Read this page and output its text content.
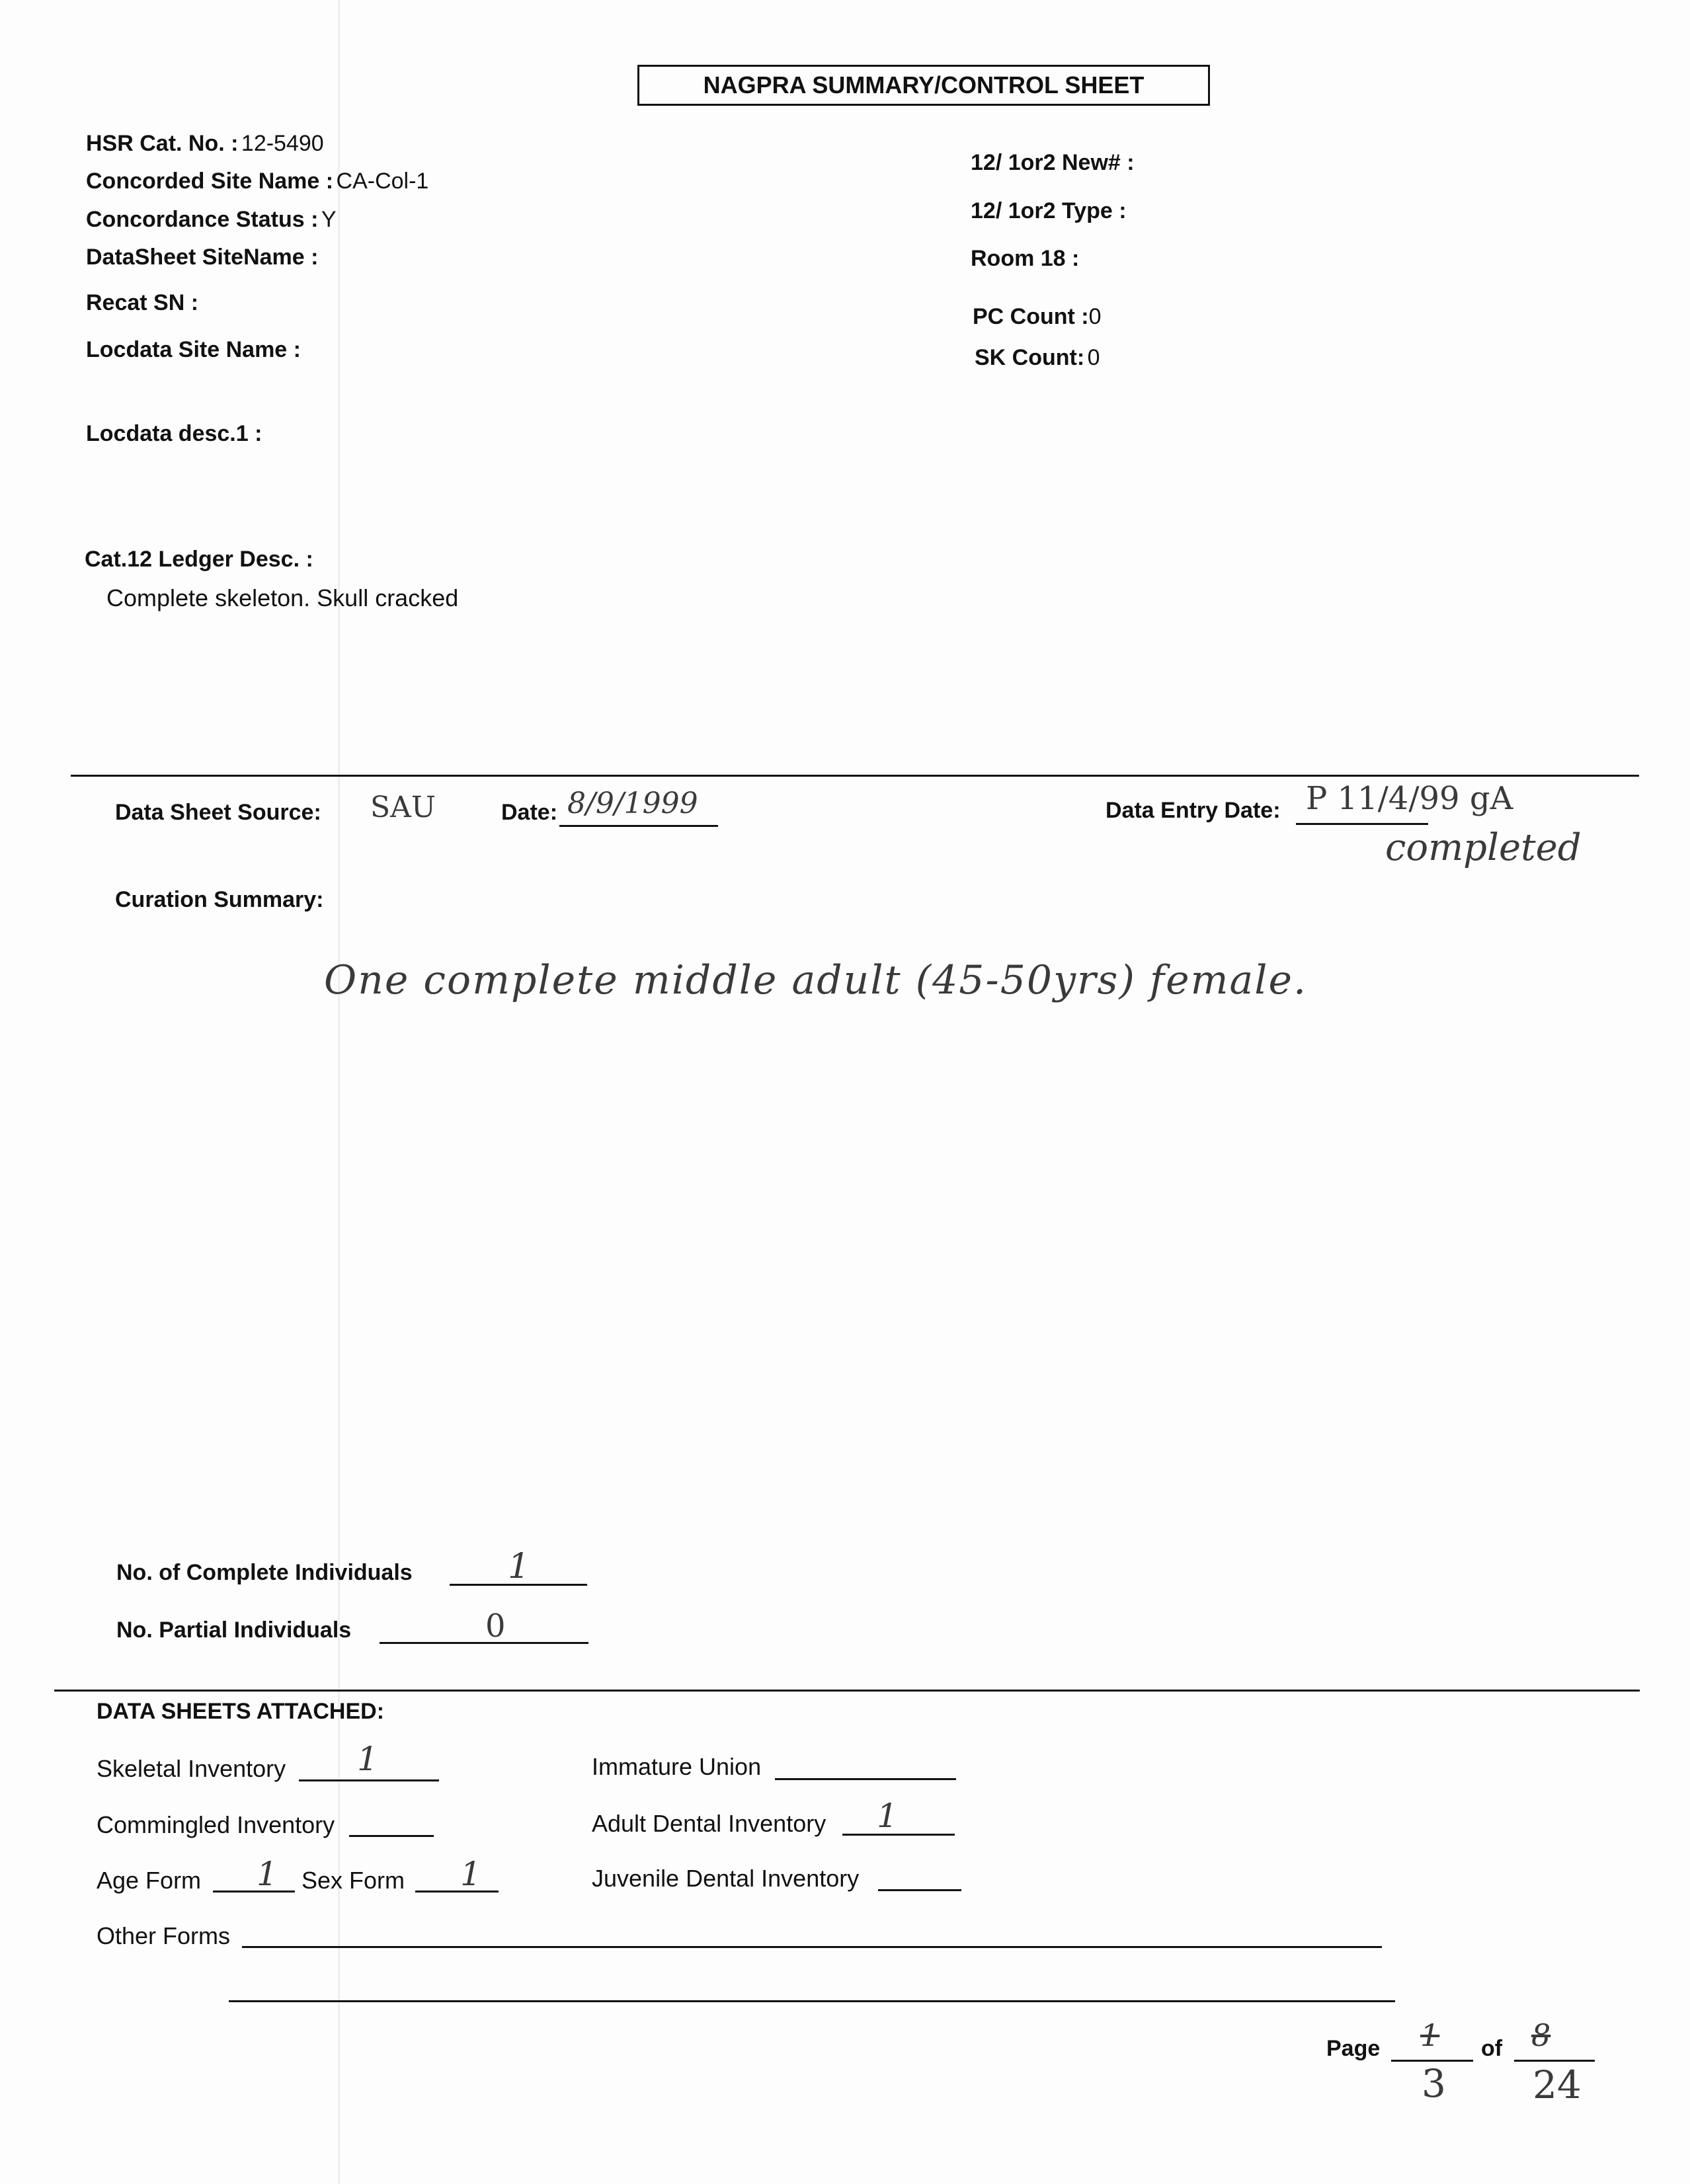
NAGPRA SUMMARY/CONTROL SHEET
HSR Cat. No. : 12-5490
Concorded Site Name : CA-Col-1
Concordance Status : Y
DataSheet SiteName :
Recat SN :
Locdata Site Name :
Locdata desc.1 :
12/ 1or2 New# :
12/ 1or2 Type :
Room 18 :
PC Count :0
SK Count: 0
Cat.12 Ledger Desc. :
Complete skeleton. Skull cracked
Data Sheet Source: SAU	Date: 8/9/1999	Data Entry Date: P 11/4/99 gA
completed
Curation Summary:
One complete middle adult (45-50yrs) female.
No. of Complete Individuals	1
No. Partial Individuals	0
DATA SHEETS ATTACHED:
Skeletal Inventory 1	Immature Union
Commingled Inventory	Adult Dental Inventory 1
Age Form 1 Sex Form 1	Juvenile Dental Inventory
Other Forms
Page 1
3
of 8
24
